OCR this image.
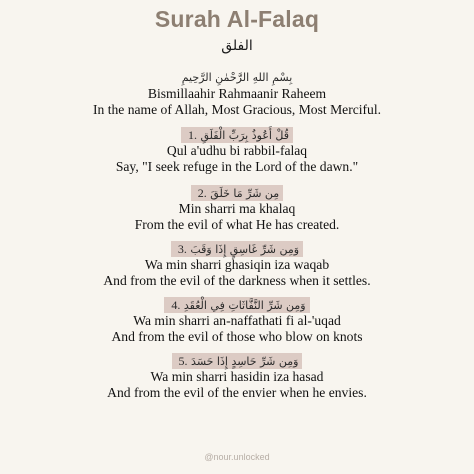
Surah Al-Falaq
الفلق
بِسْمِ اللهِ الرَّحْمٰنِ الرَّحِيمِ
Bismillaahir Rahmaanir Raheem
In the name of Allah, Most Gracious, Most Merciful.
1. قُلْ أَعُوذُ بِرَبِّ الْفَلَقِ
Qul a'udhu bi rabbil-falaq
Say, "I seek refuge in the Lord of the dawn."
2. مِن شَرِّ مَا خَلَقَ
Min sharri ma khalaq
From the evil of what He has created.
3. وَمِن شَرِّ غَاسِقٍ إِذَا وَقَبَ
Wa min sharri ghasiqin iza waqab
And from the evil of the darkness when it settles.
4. وَمِن شَرِّ النَّفَّاثَاتِ فِي الْعُقَدِ
Wa min sharri an-naffathati fi al-'uqad
And from the evil of those who blow on knots
5. وَمِن شَرِّ حَاسِدٍ إِذَا حَسَدَ
Wa min sharri hasidin iza hasad
And from the evil of the envier when he envies.
@nour.unlocked
